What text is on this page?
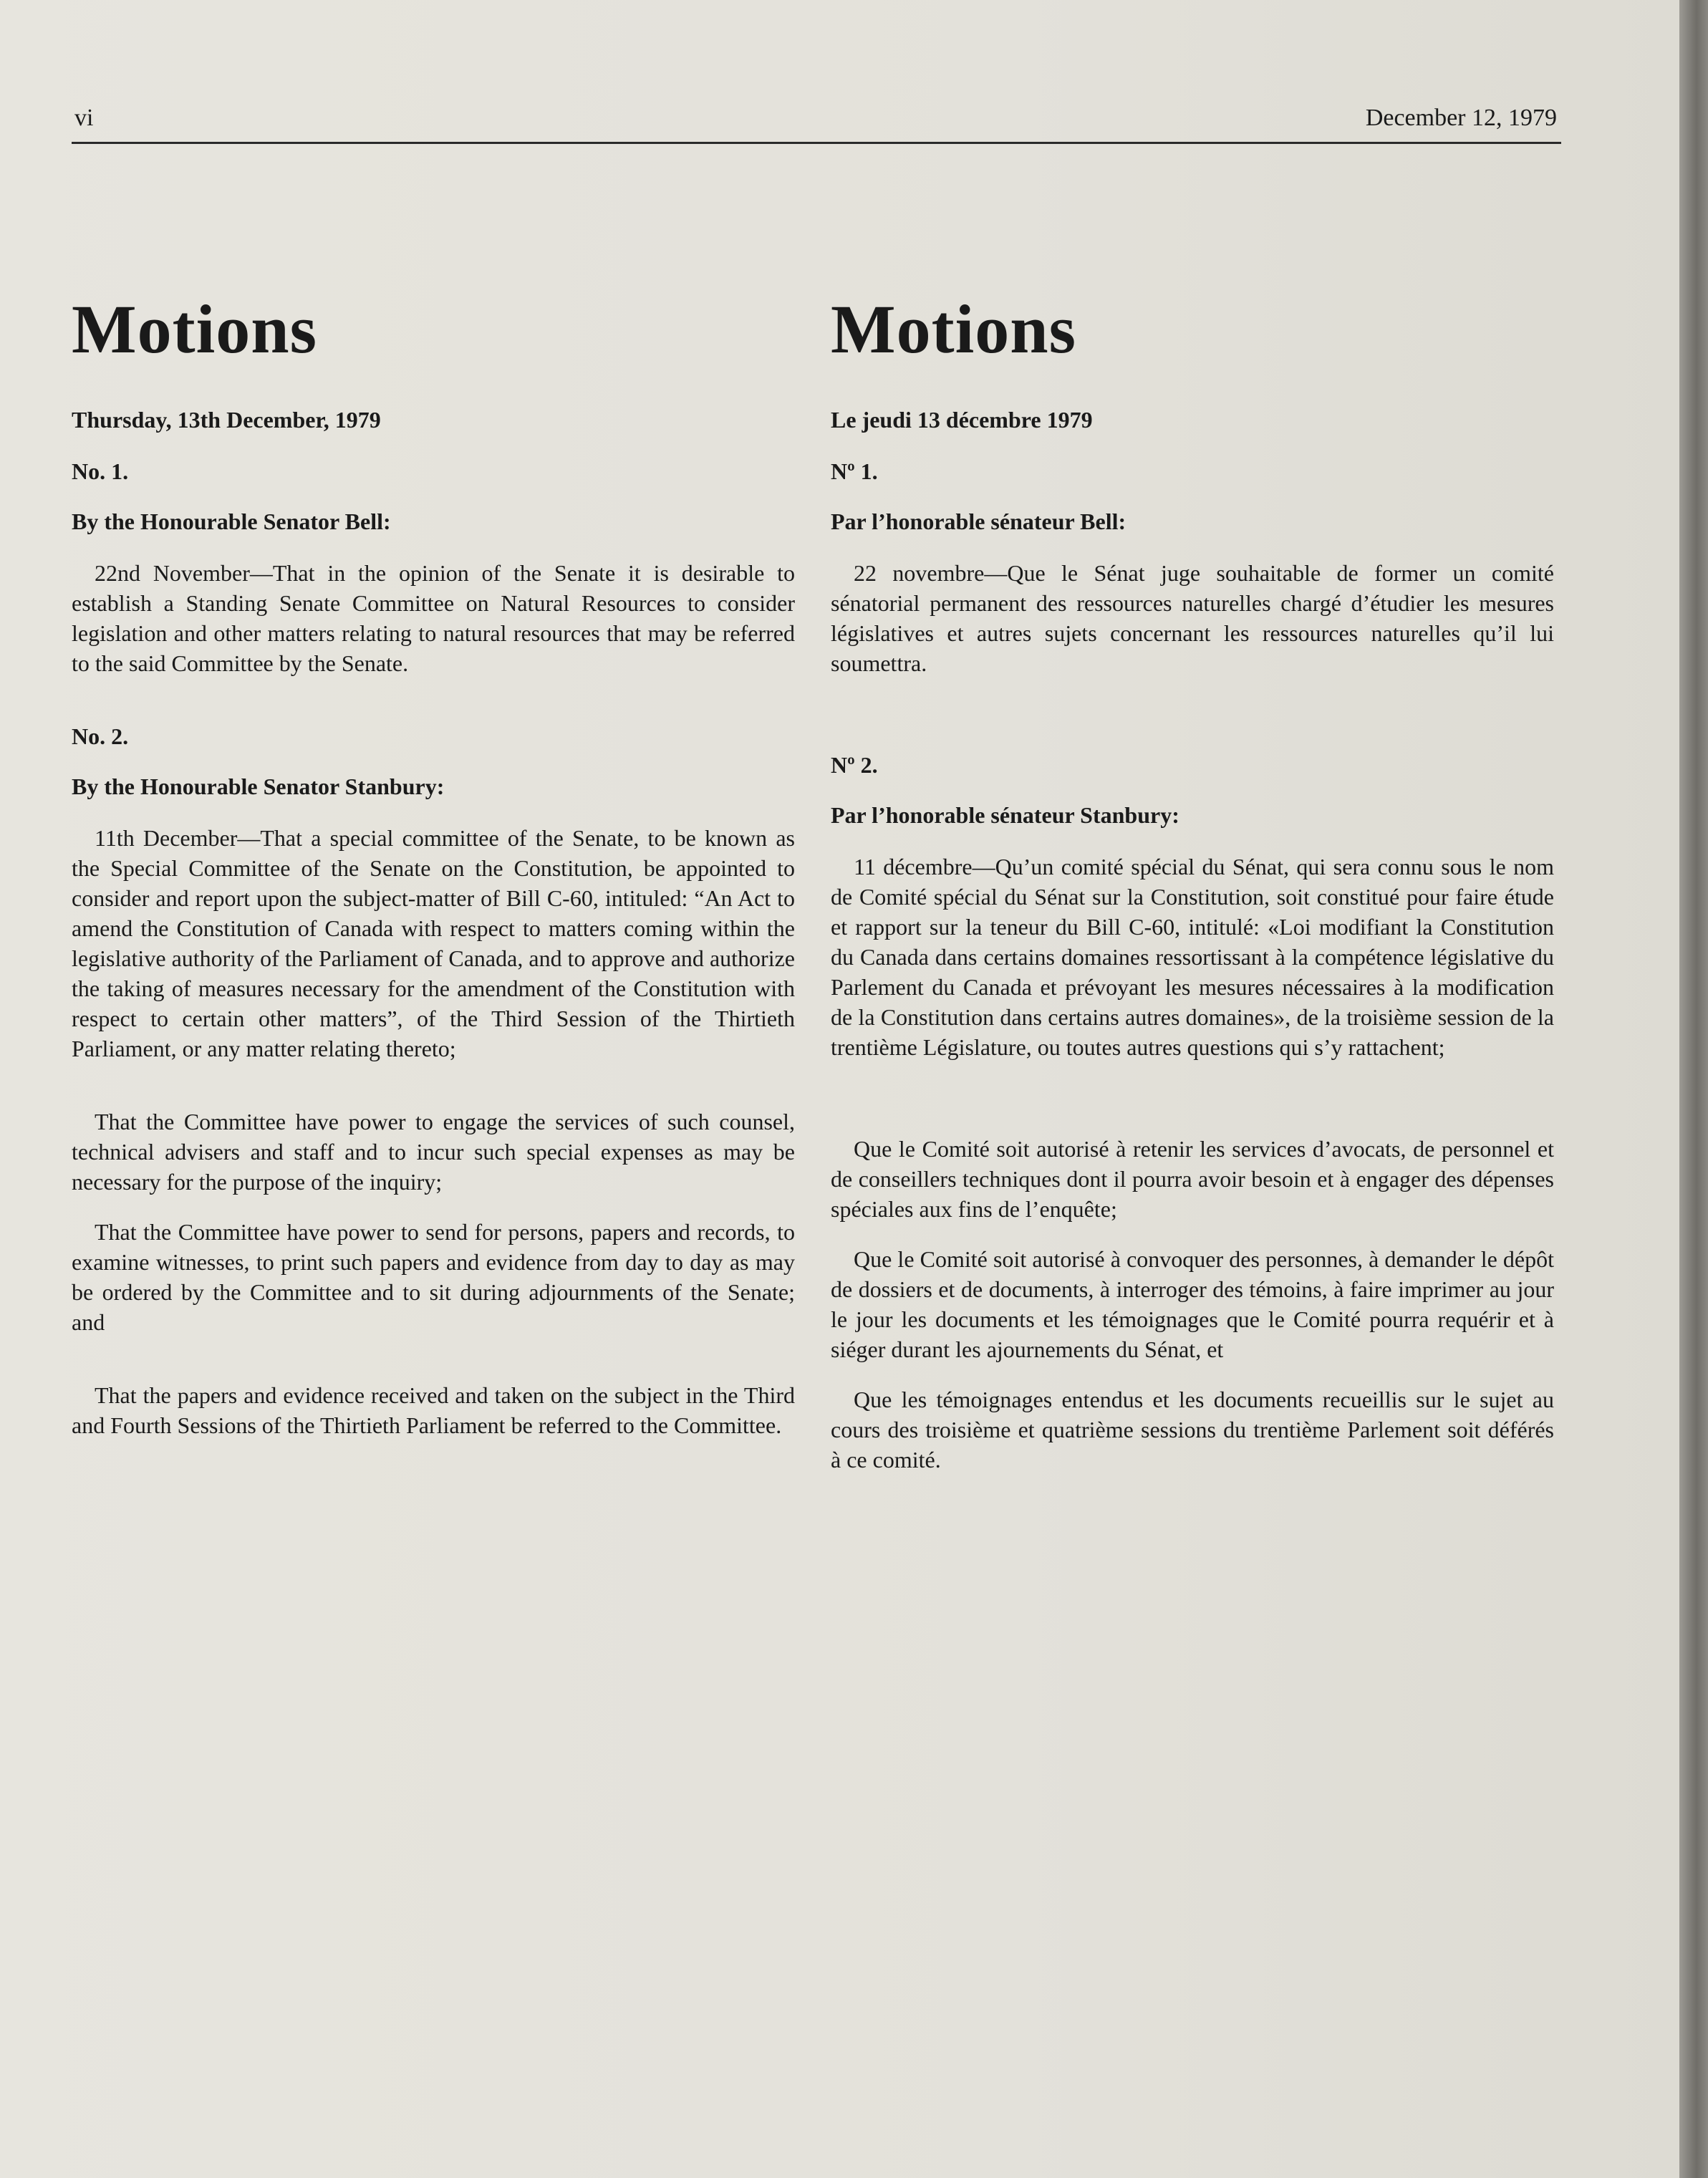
vi	December 12, 1979
Motions
Thursday, 13th December, 1979
No. 1.
By the Honourable Senator Bell:

22nd November—That in the opinion of the Senate it is desirable to establish a Standing Senate Committee on Natural Resources to consider legislation and other matters relating to natural resources that may be referred to the said Committee by the Senate.

No. 2.
By the Honourable Senator Stanbury:

11th December—That a special committee of the Senate, to be known as the Special Committee of the Senate on the Constitution, be appointed to consider and report upon the subject-matter of Bill C-60, intituled: “An Act to amend the Constitution of Canada with respect to matters coming within the legislative authority of the Parliament of Canada, and to approve and authorize the taking of measures necessary for the amendment of the Constitution with respect to certain other matters”, of the Third Session of the Thirtieth Parliament, or any matter relating thereto;

That the Committee have power to engage the services of such counsel, technical advisers and staff and to incur such special expenses as may be necessary for the purpose of the inquiry;

That the Committee have power to send for persons, papers and records, to examine witnesses, to print such papers and evidence from day to day as may be ordered by the Committee and to sit during adjournments of the Senate; and

That the papers and evidence received and taken on the subject in the Third and Fourth Sessions of the Thirtieth Parliament be referred to the Committee.

Motions
Le jeudi 13 décembre 1979
Nº 1.
Par l’honorable sénateur Bell:

22 novembre—Que le Sénat juge souhaitable de former un comité sénatorial permanent des ressources naturelles chargé d’étudier les mesures législatives et autres sujets concernant les ressources naturelles qu’il lui soumettra.

Nº 2.
Par l’honorable sénateur Stanbury:

11 décembre—Qu’un comité spécial du Sénat, qui sera connu sous le nom de Comité spécial du Sénat sur la Constitution, soit constitué pour faire étude et rapport sur la teneur du Bill C-60, intitulé: «Loi modifiant la Constitution du Canada dans certains domaines ressortissant à la compétence législative du Parlement du Canada et prévoyant les mesures nécessaires à la modification de la Constitution dans certains autres domaines», de la troisième session de la trentième Législature, ou toutes autres questions qui s’y rattachent;

Que le Comité soit autorisé à retenir les services d’avocats, de personnel et de conseillers techniques dont il pourra avoir besoin et à engager des dépenses spéciales aux fins de l’enquête;

Que le Comité soit autorisé à convoquer des personnes, à demander le dépôt de dossiers et de documents, à interroger des témoins, à faire imprimer au jour le jour les documents et les témoignages que le Comité pourra requérir et à siéger durant les ajournements du Sénat, et

Que les témoignages entendus et les documents recueillis sur le sujet au cours des troisième et quatrième sessions du trentième Parlement soit déférés à ce comité.
